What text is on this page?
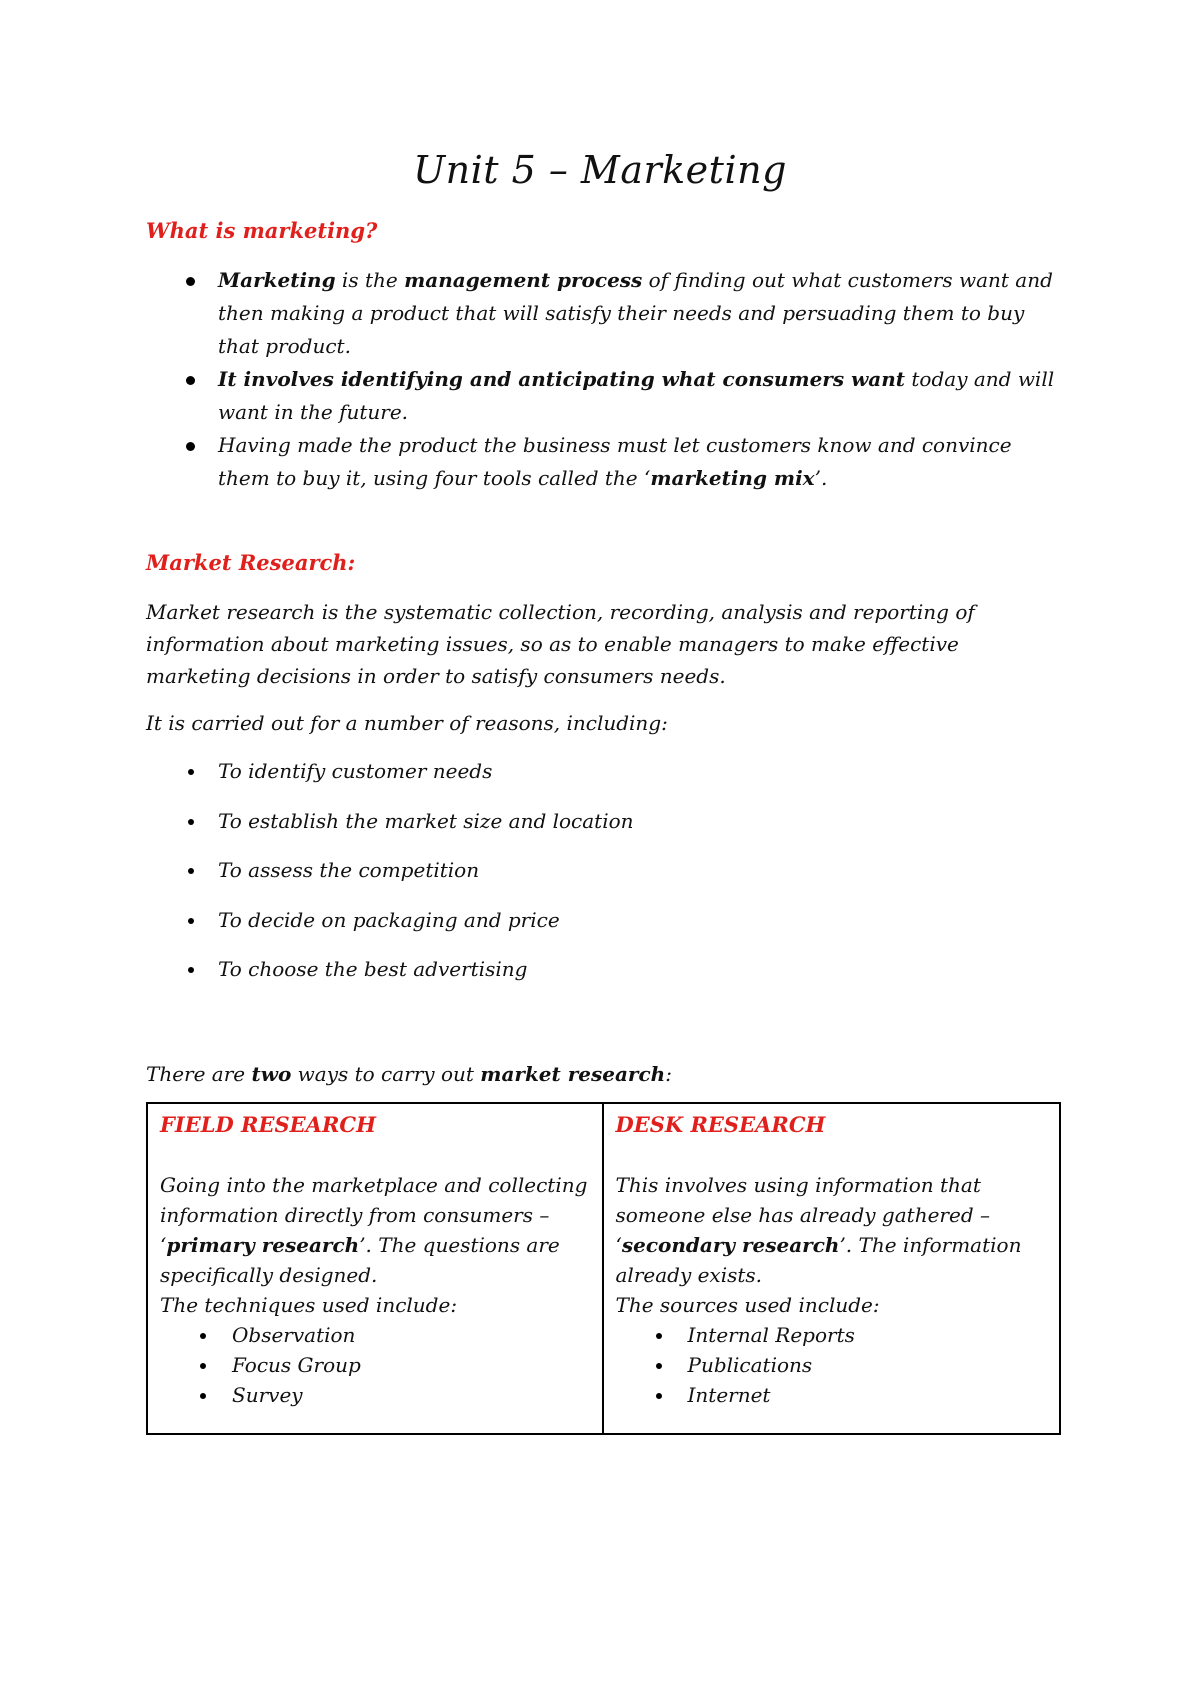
Unit 5 – Marketing
What is marketing?
Marketing is the management process of finding out what customers want and then making a product that will satisfy their needs and persuading them to buy that product.
It involves identifying and anticipating what consumers want today and will want in the future.
Having made the product the business must let customers know and convince them to buy it, using four tools called the ‘marketing mix’.
Market Research:

Market research is the systematic collection, recording, analysis and reporting of information about marketing issues, so as to enable managers to make effective marketing decisions in order to satisfy consumers needs.

It is carried out for a number of reasons, including:

To identify customer needs
To establish the market size and location
To assess the competition
To decide on packaging and price
To choose the best advertising

There are two ways to carry out market research:

FIELD RESEARCH

Going into the marketplace and collecting information directly from consumers – ‘primary research’. The questions are specifically designed.

The techniques used include:

Observation
Focus Group
Survey
DESK RESEARCH

This involves using information that someone else has already gathered – ‘secondary research’. The information already exists.

The sources used include:

Internal Reports
Publications
Internet
